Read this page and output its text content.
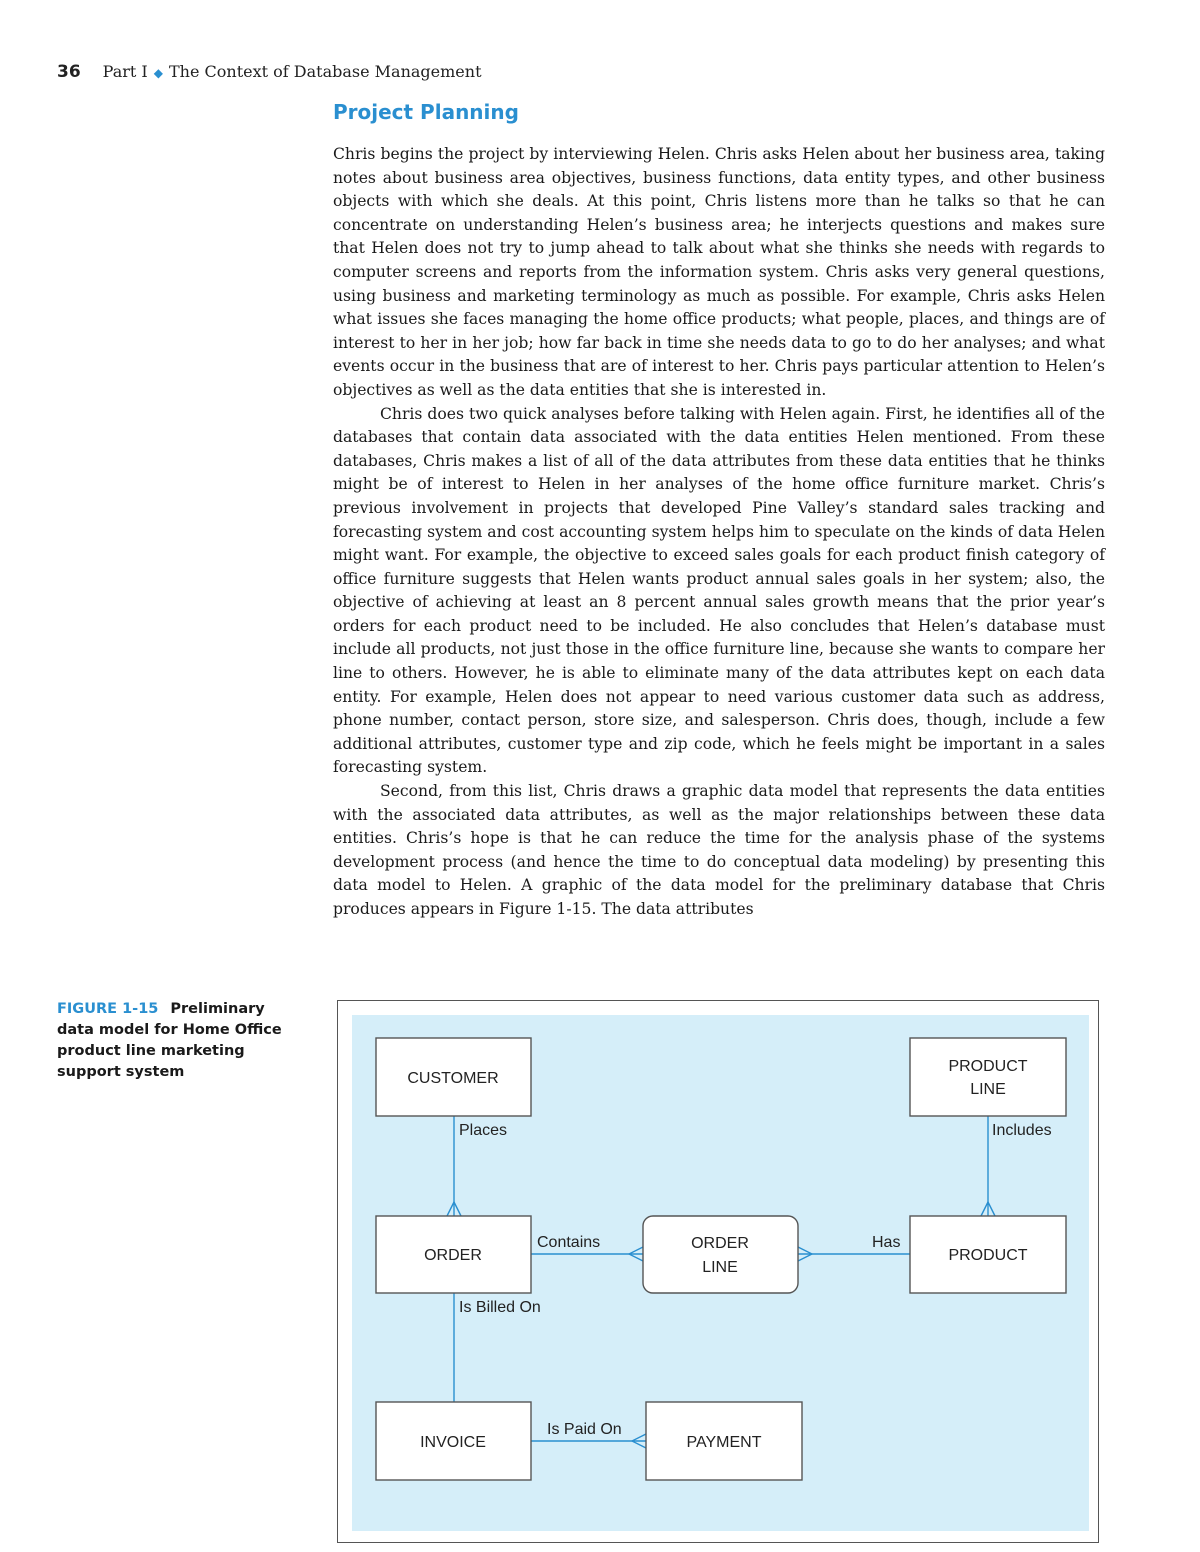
36 Part I ◆ The Context of Database Management
Project Planning

Chris begins the project by interviewing Helen. Chris asks Helen about her business area, taking notes about business area objectives, business functions, data entity types, and other business objects with which she deals. At this point, Chris listens more than he talks so that he can concentrate on understanding Helen’s business area; he interjects questions and makes sure that Helen does not try to jump ahead to talk about what she thinks she needs with regards to computer screens and reports from the information system. Chris asks very general questions, using business and marketing terminology as much as possible. For example, Chris asks Helen what issues she faces managing the home office products; what people, places, and things are of interest to her in her job; how far back in time she needs data to go to do her analyses; and what events occur in the business that are of interest to her. Chris pays particular attention to Helen’s objectives as well as the data entities that she is interested in.

Chris does two quick analyses before talking with Helen again. First, he identifies all of the databases that contain data associated with the data entities Helen mentioned. From these databases, Chris makes a list of all of the data attributes from these data entities that he thinks might be of interest to Helen in her analyses of the home office furniture market. Chris’s previous involvement in projects that developed Pine Valley’s standard sales tracking and forecasting system and cost accounting system helps him to speculate on the kinds of data Helen might want. For example, the objective to exceed sales goals for each product finish category of office furniture suggests that Helen wants product annual sales goals in her system; also, the objective of achieving at least an 8 percent annual sales growth means that the prior year’s orders for each product need to be included. He also concludes that Helen’s database must include all products, not just those in the office furniture line, because she wants to compare her line to others. However, he is able to eliminate many of the data attributes kept on each data entity. For example, Helen does not appear to need various customer data such as address, phone number, contact person, store size, and salesperson. Chris does, though, include a few additional attributes, customer type and zip code, which he feels might be important in a sales forecasting system.

Second, from this list, Chris draws a graphic data model that represents the data entities with the associated data attributes, as well as the major relationships between these data entities. Chris’s hope is that he can reduce the time for the analysis phase of the systems development process (and hence the time to do conceptual data modeling) by presenting this data model to Helen. A graphic of the data model for the preliminary database that Chris produces appears in Figure 1-15. The data attributes

FIGURE 1-15 Preliminary data model for Home Office product line marketing support system	CUSTOMER
PRODUCT
LINE
ORDER
ORDER
LINE
PRODUCT
INVOICE	PAYMENT
Places	Includes
Contains	Has
Is Billed On
Is Paid On
